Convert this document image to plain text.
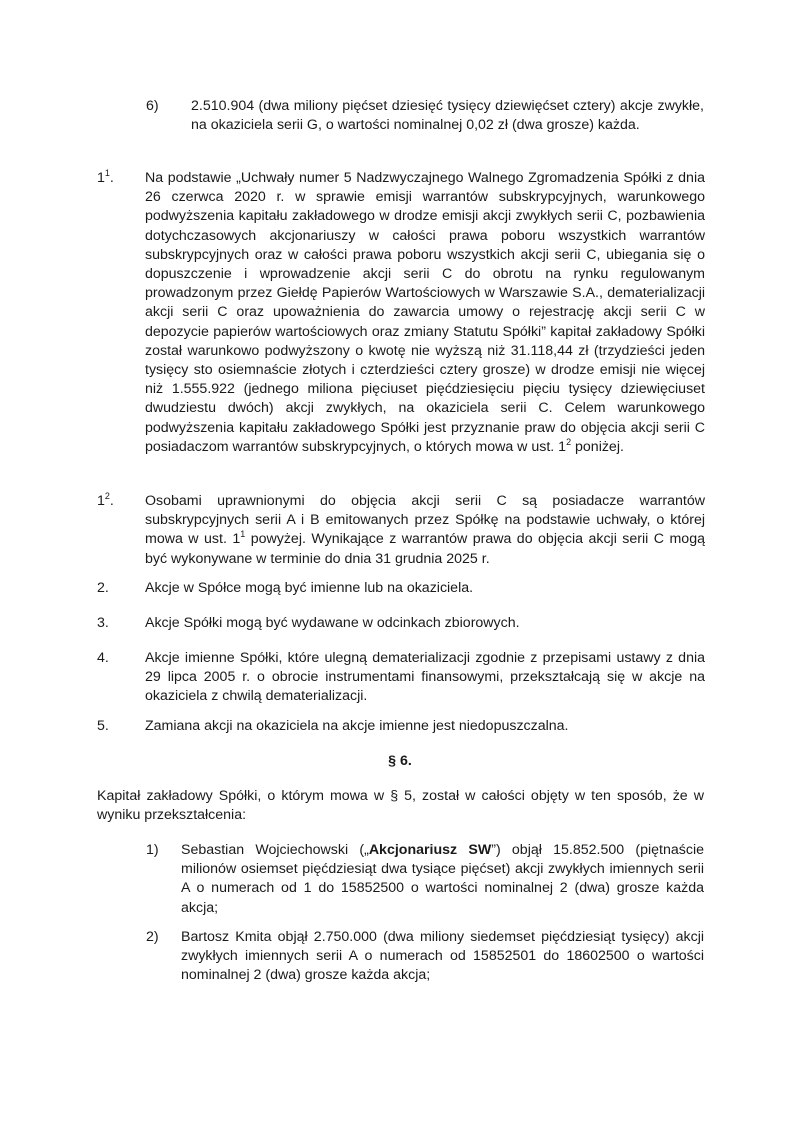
6) 2.510.904 (dwa miliony pięćset dziesięć tysięcy dziewięćset cztery) akcje zwykłe, na okaziciela serii G, o wartości nominalnej 0,02 zł (dwa grosze) każda.
$1^1$. Na podstawie „Uchwały numer 5 Nadzwyczajnego Walnego Zgromadzenia Spółki z dnia 26 czerwca 2020 r. w sprawie emisji warrantów subskrypcyjnych, warunkowego podwyższenia kapitału zakładowego w drodze emisji akcji zwykłych serii C, pozbawienia dotychczasowych akcjonariuszy w całości prawa poboru wszystkich warrantów subskrypcyjnych oraz w całości prawa poboru wszystkich akcji serii C, ubiegania się o dopuszczenie i wprowadzenie akcji serii C do obrotu na rynku regulowanym prowadzonym przez Giełdę Papierów Wartościowych w Warszawie S.A., dematerializacji akcji serii C oraz upoważnienia do zawarcia umowy o rejestrację akcji serii C w depozycie papierów wartościowych oraz zmiany Statutu Spółki” kapitał zakładowy Spółki został warunkowo podwyższony o kwotę nie wyższą niż 31.118,44 zł (trzydzieści jeden tysięcy sto osiemnaście złotych i czterdzieści cztery grosze) w drodze emisji nie więcej niż 1.555.922 (jednego miliona pięciuset pięćdziesięciu pięciu tysięcy dziewięciuset dwudziestu dwóch) akcji zwykłych, na okaziciela serii C. Celem warunkowego podwyższenia kapitału zakładowego Spółki jest przyznanie praw do objęcia akcji serii C posiadaczom warrantów subskrypcyjnych, o których mowa w ust. $1^2$ poniżej.
$1^2$. Osobami uprawnionymi do objęcia akcji serii C są posiadacze warrantów subskrypcyjnych serii A i B emitowanych przez Spółkę na podstawie uchwały, o której mowa w ust. $1^1$ powyżej. Wynikające z warrantów prawa do objęcia akcji serii C mogą być wykonywane w terminie do dnia 31 grudnia 2025 r.
2.	Akcje w Spółce mogą być imienne lub na okaziciela.
3.	Akcje Spółki mogą być wydawane w odcinkach zbiorowych.
4.	Akcje imienne Spółki, które ulegną dematerializacji zgodnie z przepisami ustawy z dnia 29 lipca 2005 r. o obrocie instrumentami finansowymi, przekształcają się w akcje na okaziciela z chwilą dematerializacji.
5.	Zamiana akcji na okaziciela na akcje imienne jest niedopuszczalna.
§ 6.
Kapitał zakładowy Spółki, o którym mowa w § 5, został w całości objęty w ten sposób, że w wyniku przekształcenia:
1) Sebastian Wojciechowski („Akcjonariusz SW”) objął 15.852.500 (piętnaście milionów osiemset pięćdziesiąt dwa tysiące pięćset) akcji zwykłych imiennych serii A o numerach od 1 do 15852500 o wartości nominalnej 2 (dwa) grosze każda akcja;
2) Bartosz Kmita objął 2.750.000 (dwa miliony siedemset pięćdziesiąt tysięcy) akcji zwykłych imiennych serii A o numerach od 15852501 do 18602500 o wartości nominalnej 2 (dwa) grosze każda akcja;
